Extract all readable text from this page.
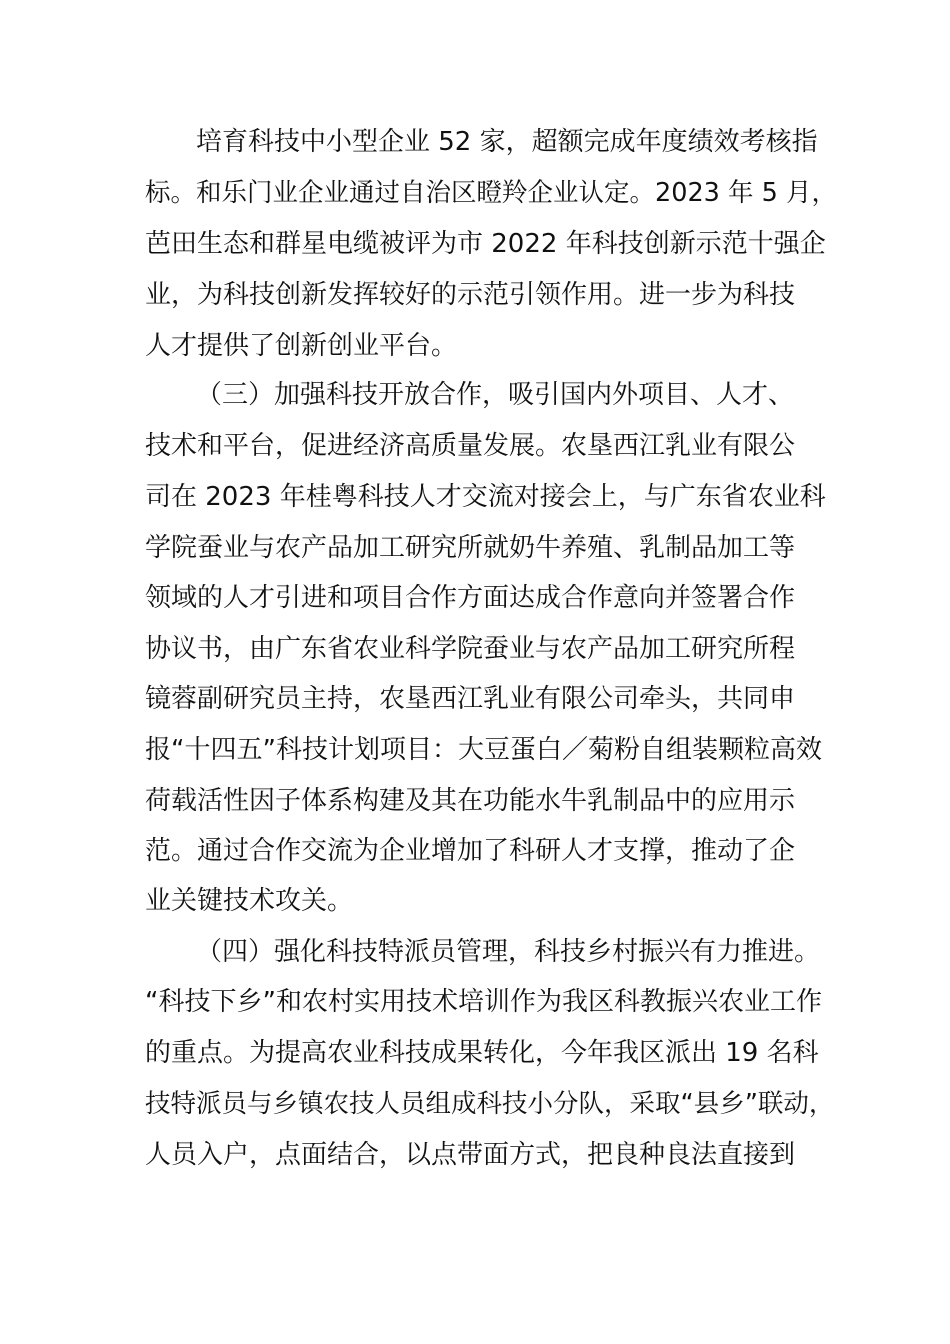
培育科技中小型企业 52 家，超额完成年度绩效考核指
标。和乐门业企业通过自治区瞪羚企业认定。2023 年 5 月，
芭田生态和群星电缆被评为市 2022 年科技创新示范十强企
业，为科技创新发挥较好的示范引领作用。进一步为科技
人才提供了创新创业平台。
（三）加强科技开放合作，吸引国内外项目、人才、
技术和平台，促进经济高质量发展。农垦西江乳业有限公
司在 2023 年桂粤科技人才交流对接会上，与广东省农业科
学院蚕业与农产品加工研究所就奶牛养殖、乳制品加工等
领域的人才引进和项目合作方面达成合作意向并签署合作
协议书，由广东省农业科学院蚕业与农产品加工研究所程
镜蓉副研究员主持，农垦西江乳业有限公司牵头，共同申
报“十四五”科技计划项目：大豆蛋白／菊粉自组装颗粒高效
荷载活性因子体系构建及其在功能水牛乳制品中的应用示
范。通过合作交流为企业增加了科研人才支撑，推动了企
业关键技术攻关。
（四）强化科技特派员管理，科技乡村振兴有力推进。
“科技下乡”和农村实用技术培训作为我区科教振兴农业工作
的重点。为提高农业科技成果转化，今年我区派出 19 名科
技特派员与乡镇农技人员组成科技小分队，采取“县乡”联动，
人员入户，点面结合，以点带面方式，把良种良法直接到
